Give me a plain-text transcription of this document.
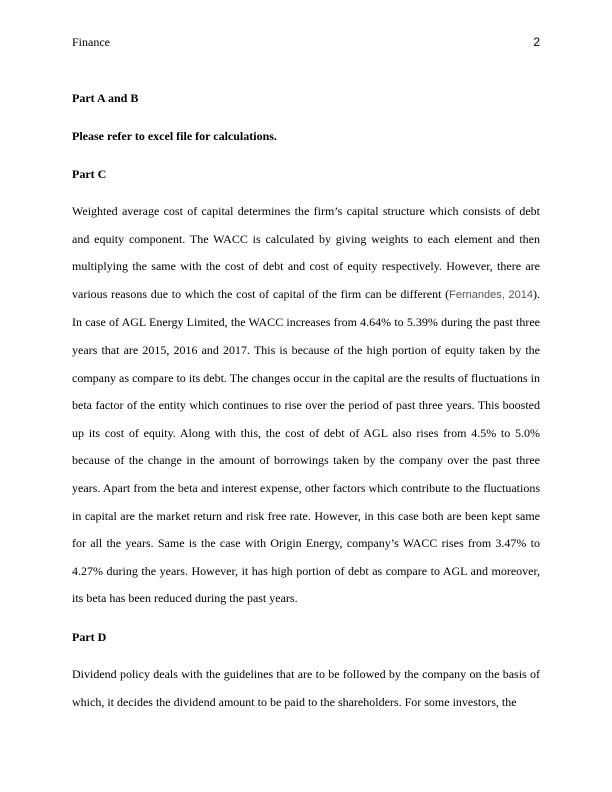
Finance	2

Part A and B

Please refer to excel file for calculations.

Part C

Weighted average cost of capital determines the firm’s capital structure which consists of debt and equity component. The WACC is calculated by giving weights to each element and then multiplying the same with the cost of debt and cost of equity respectively. However, there are various reasons due to which the cost of capital of the firm can be different (Fernandes, 2014). In case of AGL Energy Limited, the WACC increases from 4.64% to 5.39% during the past three years that are 2015, 2016 and 2017. This is because of the high portion of equity taken by the company as compare to its debt. The changes occur in the capital are the results of fluctuations in beta factor of the entity which continues to rise over the period of past three years. This boosted up its cost of equity. Along with this, the cost of debt of AGL also rises from 4.5% to 5.0% because of the change in the amount of borrowings taken by the company over the past three years. Apart from the beta and interest expense, other factors which contribute to the fluctuations in capital are the market return and risk free rate. However, in this case both are been kept same for all the years. Same is the case with Origin Energy, company’s WACC rises from 3.47% to 4.27% during the years. However, it has high portion of debt as compare to AGL and moreover, its beta has been reduced during the past years.

Part D

Dividend policy deals with the guidelines that are to be followed by the company on the basis of which, it decides the dividend amount to be paid to the shareholders. For some investors, the
